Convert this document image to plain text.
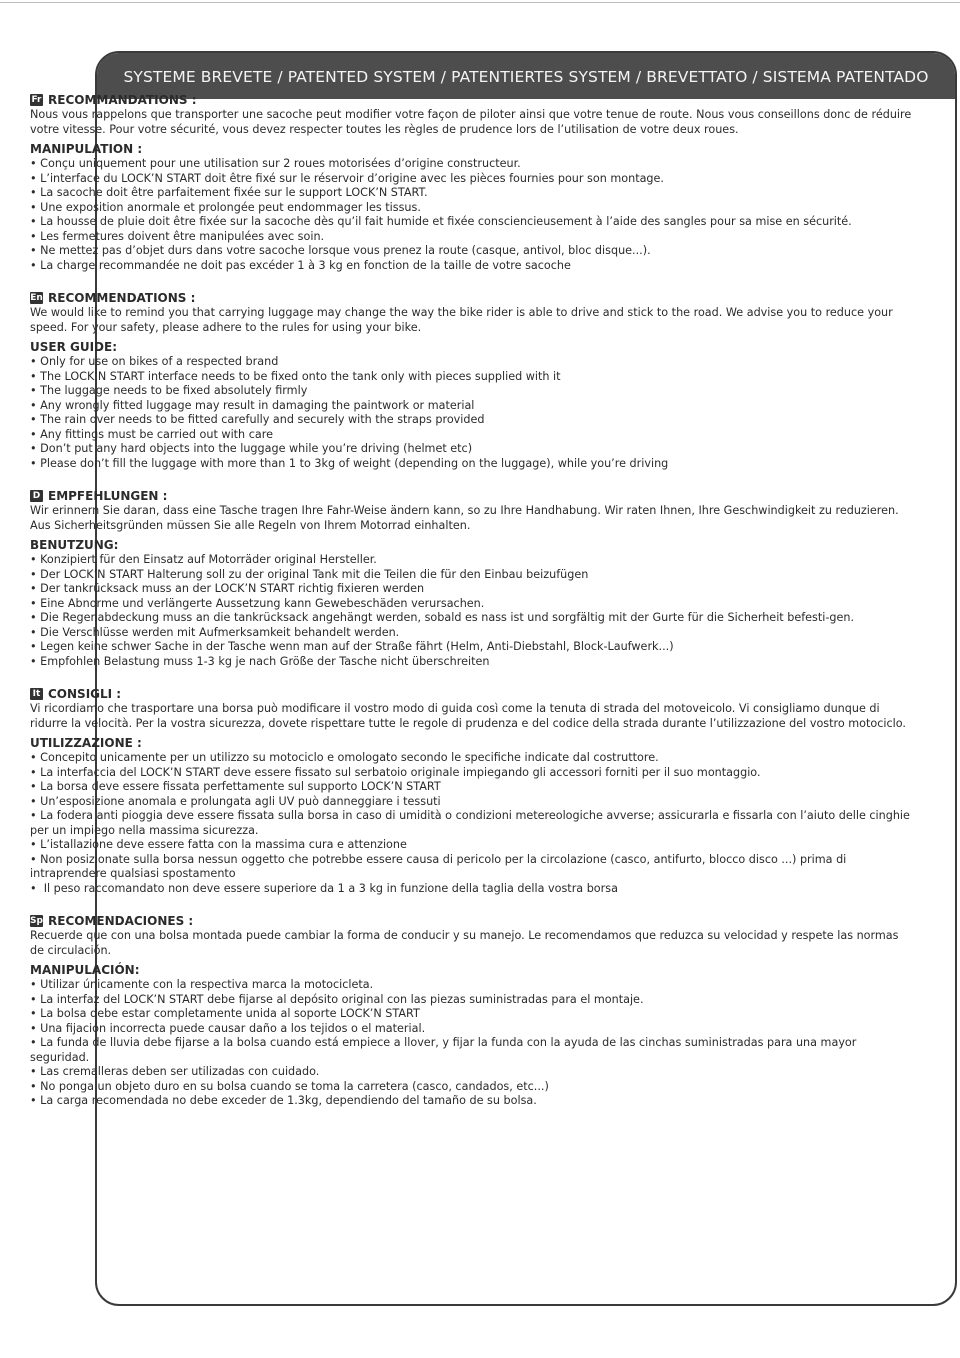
SYSTEME BREVETE / PATENTED SYSTEM / PATENTIERTES SYSTEM / BREVETTATO / SISTEMA PATENTADO
Fr RECOMMANDATIONS :

Nous vous rappelons que transporter une sacoche peut modifier votre façon de piloter ainsi que votre tenue de route. Nous vous conseillons donc de réduire votre vitesse. Pour votre sécurité, vous devez respecter toutes les règles de prudence lors de l’utilisation de votre deux roues.

MANIPULATION :
• Conçu uniquement pour une utilisation sur 2 roues motorisées d’origine constructeur.
• L’interface du LOCK’N START doit être fixé sur le réservoir d’origine avec les pièces fournies pour son montage.
• La sacoche doit être parfaitement fixée sur le support LOCK’N START.
• Une exposition anormale et prolongée peut endommager les tissus.
• La housse de pluie doit être fixée sur la sacoche dès qu’il fait humide et fixée consciencieusement à l’aide des sangles pour sa mise en sécurité.
• Les fermetures doivent être manipulées avec soin.
• Ne mettez pas d’objet durs dans votre sacoche lorsque vous prenez la route (casque, antivol, bloc disque...).
• La charge recommandée ne doit pas excéder 1 à 3 kg en fonction de la taille de votre sacoche
En RECOMMENDATIONS :

We would like to remind you that carrying luggage may change the way the bike rider is able to drive and stick to the road. We advise you to reduce your speed. For your safety, please adhere to the rules for using your bike.

USER GUIDE:
• Only for use on bikes of a respected brand
• The LOCK’N START interface needs to be fixed onto the tank only with pieces supplied with it
• The luggage needs to be fixed absolutely firmly
• Any wrongly fitted luggage may result in damaging the paintwork or material
• The rain over needs to be fitted carefully and securely with the straps provided
• Any fittings must be carried out with care
• Don’t put any hard objects into the luggage while you’re driving (helmet etc)
• Please don’t fill the luggage with more than 1 to 3kg of weight (depending on the luggage), while you’re driving
D EMPFEHLUNGEN :

Wir erinnern Sie daran, dass eine Tasche tragen Ihre Fahr-Weise ändern kann, so zu Ihre Handhabung. Wir raten Ihnen, Ihre Geschwindigkeit zu reduzieren. Aus Sicherheitsgründen müssen Sie alle Regeln von Ihrem Motorrad einhalten.

BENUTZUNG:
• Konzipiert für den Einsatz auf Motorräder original Hersteller.
• Der LOCK’N START Halterung soll zu der original Tank mit die Teilen die für den Einbau beizufügen
• Der tankrücksack muss an der LOCK’N START richtig fixieren werden
• Eine Abnorme und verlängerte Aussetzung kann Gewebeschäden verursachen.
• Die Regenabdeckung muss an die tankrücksack angehängt werden, sobald es nass ist und sorgfältig mit der Gurte für die Sicherheit befesti-gen.
• Die Verschlüsse werden mit Aufmerksamkeit behandelt werden.
• Legen keine schwer Sache in der Tasche wenn man auf der Straße fährt (Helm, Anti-Diebstahl, Block-Laufwerk...)
• Empfohlen Belastung muss 1-3 kg je nach Größe der Tasche nicht überschreiten
It CONSIGLI :

Vi ricordiamo che trasportare una borsa può modificare il vostro modo di guida così come la tenuta di strada del motoveicolo. Vi consigliamo dunque di ridurre la velocità. Per la vostra sicurezza, dovete rispettare tutte le regole di prudenza e del codice della strada durante l’utilizzazione del vostro motociclo.

UTILIZZAZIONE :
• Concepito unicamente per un utilizzo su motociclo e omologato secondo le specifiche indicate dal costruttore.
• La interfaccia del LOCK’N START deve essere fissato sul serbatoio originale impiegando gli accessori forniti per il suo montaggio.
• La borsa deve essere fissata perfettamente sul supporto LOCK’N START
• Un’esposizione anomala e prolungata agli UV può danneggiare i tessuti
• La fodera anti pioggia deve essere fissata sulla borsa in caso di umidità o condizioni metereologiche avverse; assicurarla e fissarla con l’aiuto delle cinghie per un impiego nella massima sicurezza.
• L’istallazione deve essere fatta con la massima cura e attenzione
• Non posizionate sulla borsa nessun oggetto che potrebbe essere causa di pericolo per la circolazione (casco, antifurto, blocco disco ...) prima di intraprendere qualsiasi spostamento
•  Il peso raccomandato non deve essere superiore da 1 a 3 kg in funzione della taglia della vostra borsa
Sp RECOMENDACIONES :

Recuerde que con una bolsa montada puede cambiar la forma de conducir y su manejo. Le recomendamos que reduzca su velocidad y respete las normas de circulación.

MANIPULACIÓN:
• Utilizar únicamente con la respectiva marca la motocicleta.
• La interfaz del LOCK’N START debe fijarse al depósito original con las piezas suministradas para el montaje.
• La bolsa debe estar completamente unida al soporte LOCK’N START
• Una fijación incorrecta puede causar daño a los tejidos o el material.
• La funda de lluvia debe fijarse a la bolsa cuando está empiece a llover, y fijar la funda con la ayuda de las cinchas suministradas para una mayor seguridad.
• Las cremalleras deben ser utilizadas con cuidado.
• No ponga un objeto duro en su bolsa cuando se toma la carretera (casco, candados, etc...)
• La carga recomendada no debe exceder de 1.3kg, dependiendo del tamaño de su bolsa.
